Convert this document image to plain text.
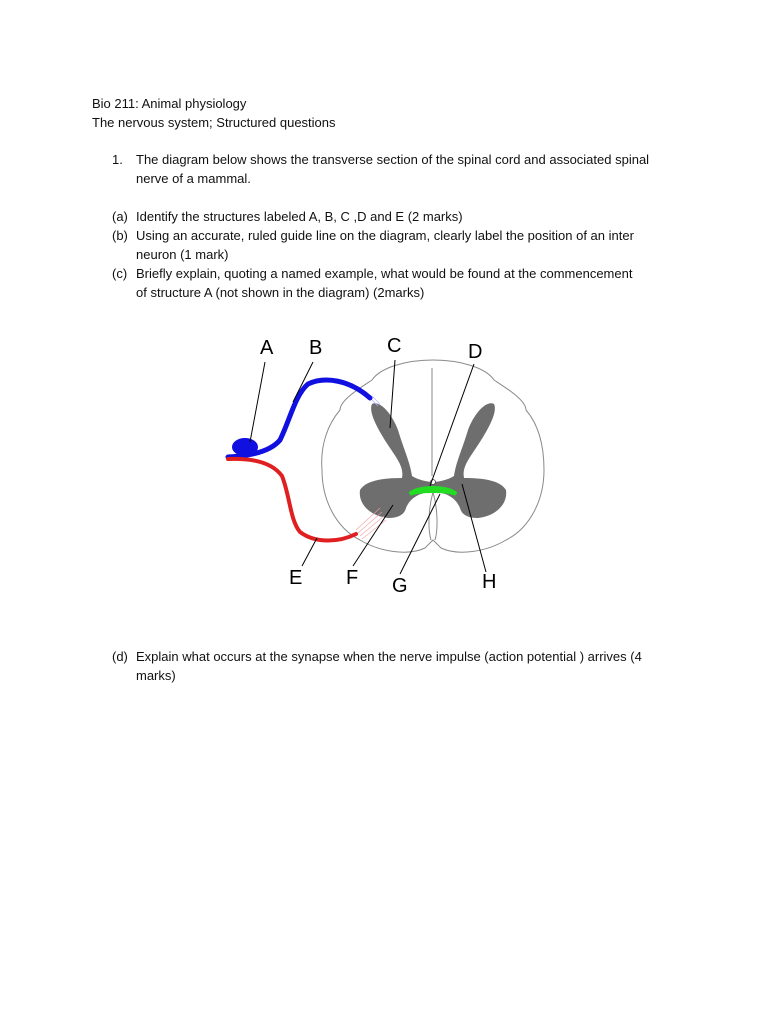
Bio 211: Animal physiology
The nervous system; Structured questions
1. The diagram below shows the transverse section of the spinal cord and associated spinal
nerve of a mammal.
(a) Identify the structures labeled A, B, C ,D and E (2 marks)
(b) Using an accurate, ruled guide line on the diagram, clearly label the position of an inter
neuron (1 mark)
(c) Briefly explain, quoting a named example, what would be found at the commencement
of structure A (not shown in the diagram) (2marks)
(d) Explain what occurs at the synapse when the nerve impulse (action potential ) arrives (4
marks)
A B	C	D
E F G	H
